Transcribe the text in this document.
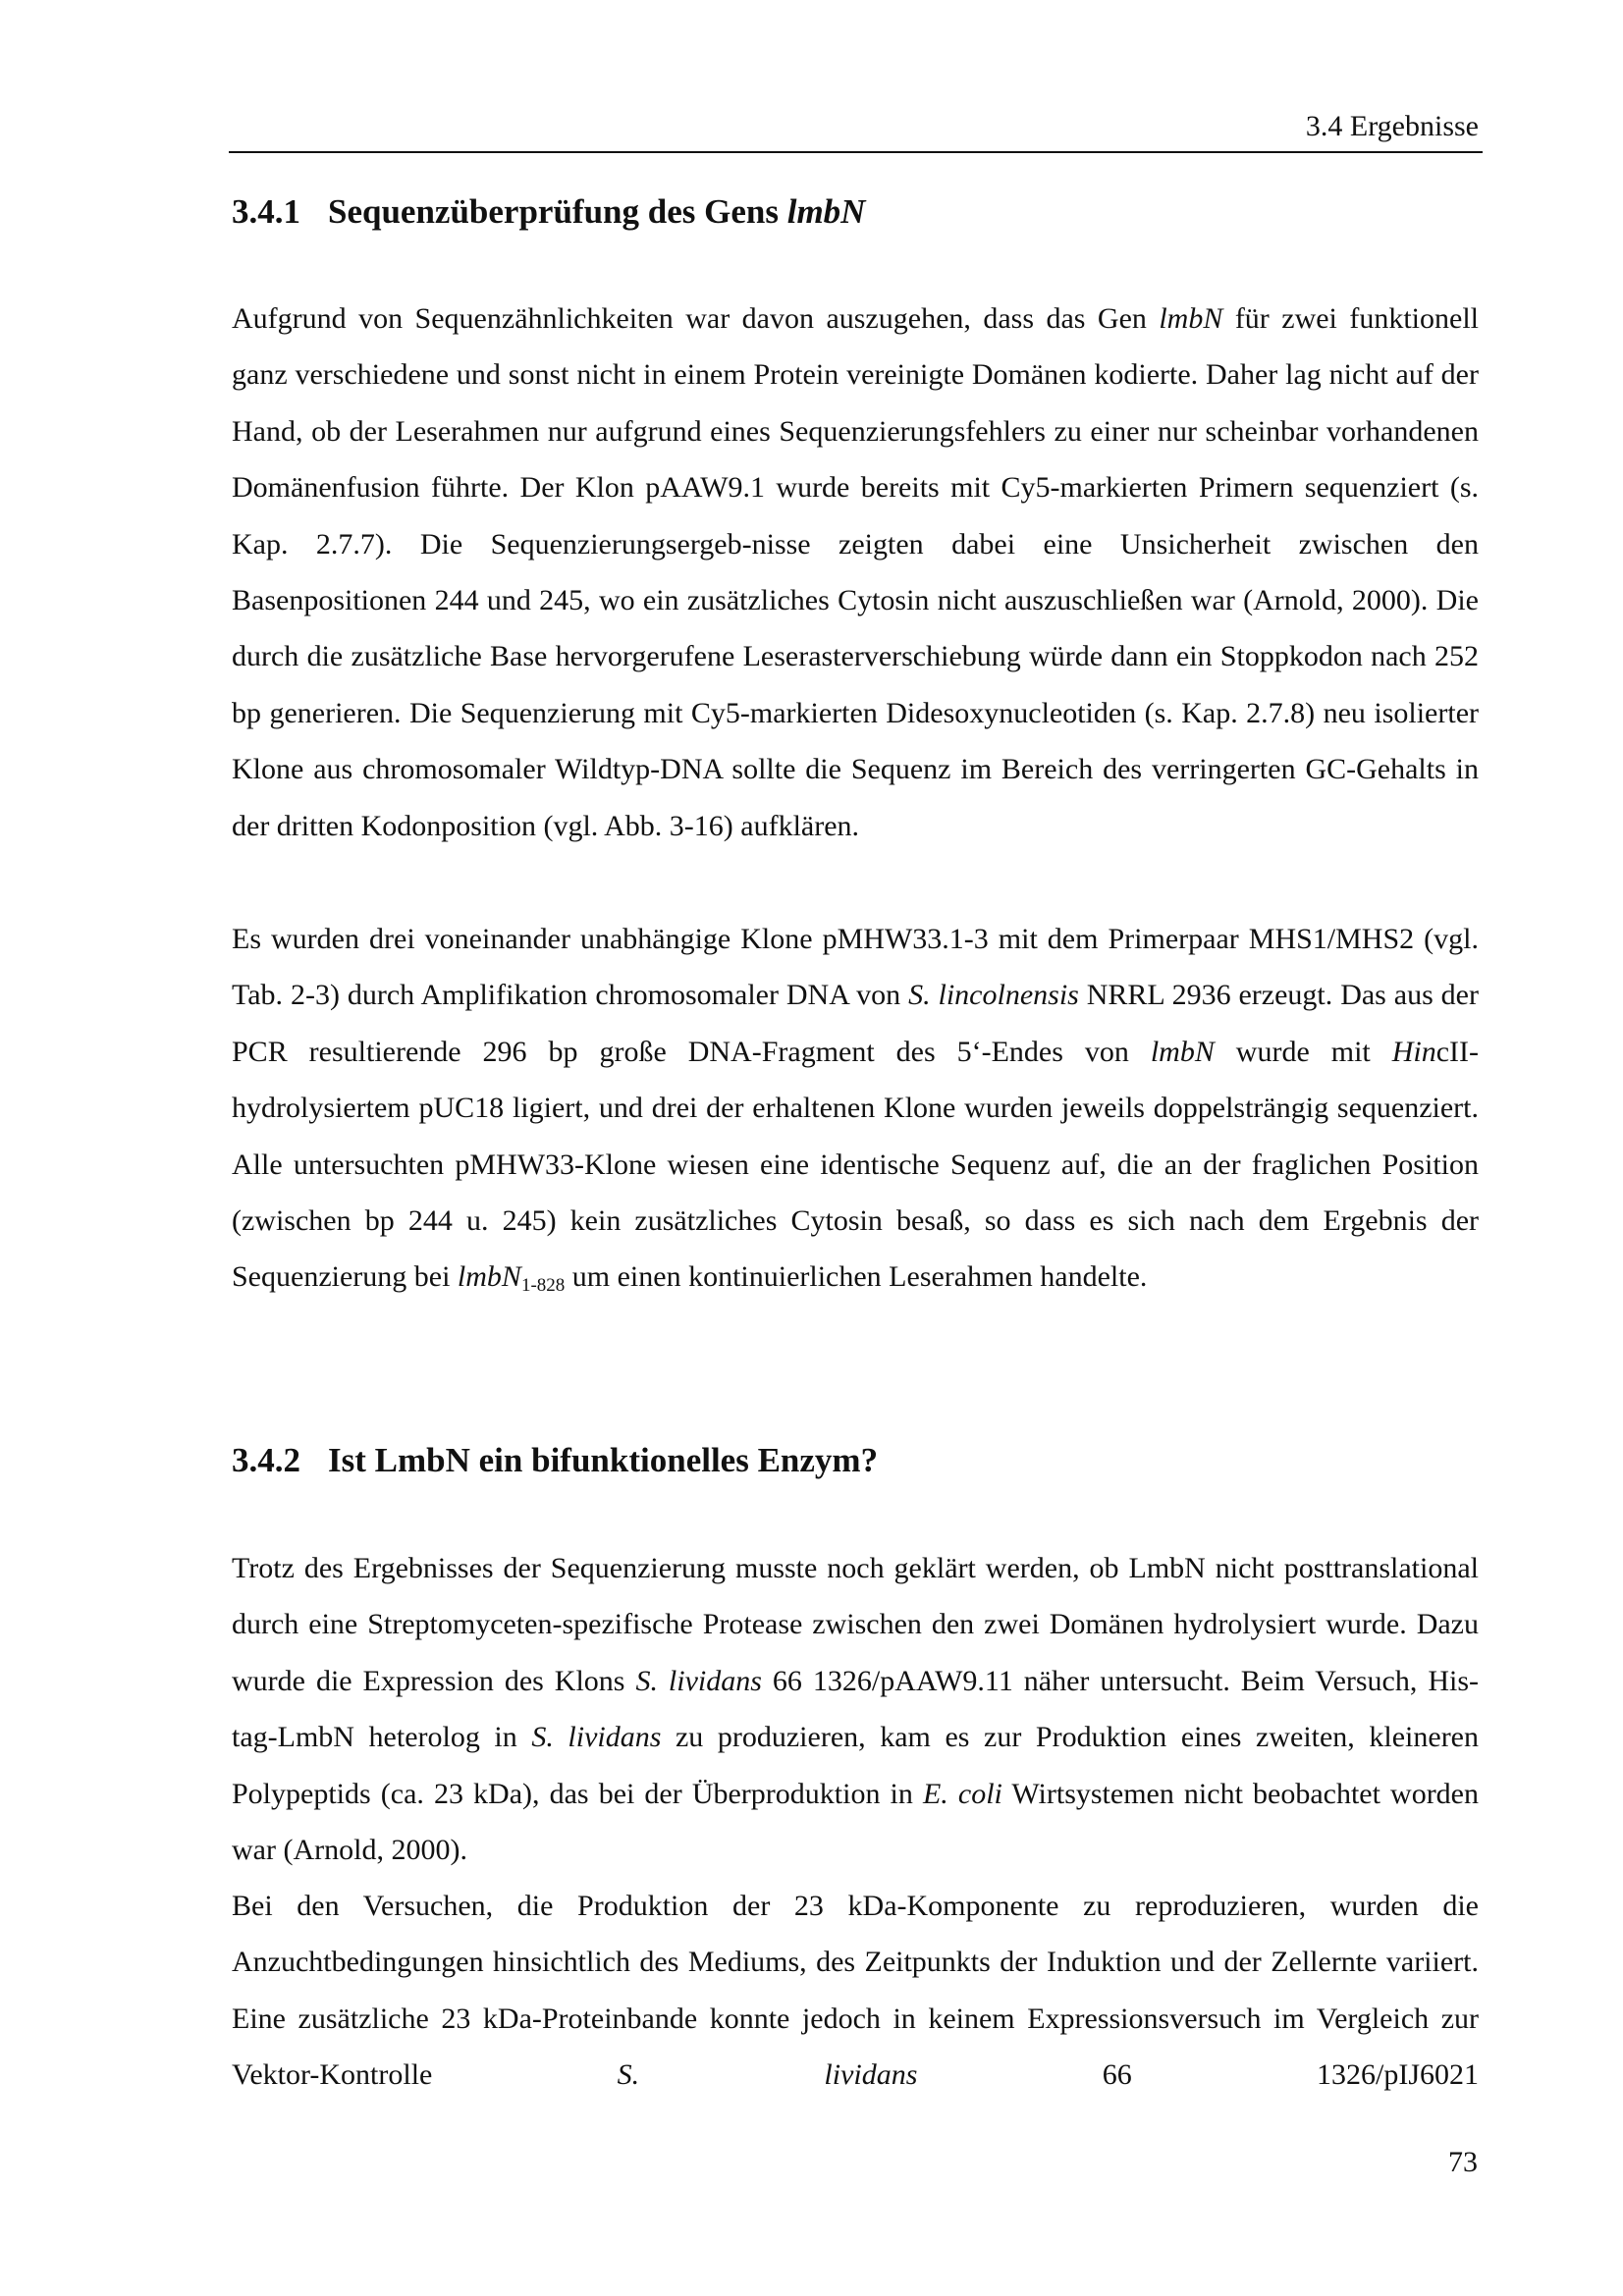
3.4 Ergebnisse
3.4.1 Sequenzüberprüfung des Gens lmbN

Aufgrund von Sequenzähnlichkeiten war davon auszugehen, dass das Gen lmbN für zwei funktionell ganz verschiedene und sonst nicht in einem Protein vereinigte Domänen kodierte. Daher lag nicht auf der Hand, ob der Leserahmen nur aufgrund eines Sequenzierungsfehlers zu einer nur scheinbar vorhandenen Domänenfusion führte. Der Klon pAAW9.1 wurde bereits mit Cy5-markierten Primern sequenziert (s. Kap. 2.7.7). Die Sequenzierungsergeb-nisse zeigten dabei eine Unsicherheit zwischen den Basenpositionen 244 und 245, wo ein zusätzliches Cytosin nicht auszuschließen war (Arnold, 2000). Die durch die zusätzliche Base hervorgerufene Leserasterverschiebung würde dann ein Stoppkodon nach 252 bp generieren. Die Sequenzierung mit Cy5-markierten Didesoxynucleotiden (s. Kap. 2.7.8) neu isolierter Klone aus chromosomaler Wildtyp-DNA sollte die Sequenz im Bereich des verringerten GC-Gehalts in der dritten Kodonposition (vgl. Abb. 3-16) aufklären.

Es wurden drei voneinander unabhängige Klone pMHW33.1-3 mit dem Primerpaar MHS1/MHS2 (vgl. Tab. 2-3) durch Amplifikation chromosomaler DNA von S. lincolnensis NRRL 2936 erzeugt. Das aus der PCR resultierende 296 bp große DNA-Fragment des 5‘-Endes von lmbN wurde mit HincII-hydrolysiertem pUC18 ligiert, und drei der erhaltenen Klone wurden jeweils doppelsträngig sequenziert. Alle untersuchten pMHW33-Klone wiesen eine identische Sequenz auf, die an der fraglichen Position (zwischen bp 244 u. 245) kein zusätzliches Cytosin besaß, so dass es sich nach dem Ergebnis der Sequenzierung bei lmbN$_{1-828}$ um einen kontinuierlichen Leserahmen handelte.

3.4.2 Ist LmbN ein bifunktionelles Enzym?

Trotz des Ergebnisses der Sequenzierung musste noch geklärt werden, ob LmbN nicht posttranslational durch eine Streptomyceten-spezifische Protease zwischen den zwei Domänen hydrolysiert wurde. Dazu wurde die Expression des Klons S. lividans 66 1326/pAAW9.11 näher untersucht. Beim Versuch, His-tag-LmbN heterolog in S. lividans zu produzieren, kam es zur Produktion eines zweiten, kleineren Polypeptids (ca. 23 kDa), das bei der Überproduktion in E. coli Wirtsystemen nicht beobachtet worden war (Arnold, 2000).

Bei den Versuchen, die Produktion der 23 kDa-Komponente zu reproduzieren, wurden die Anzuchtbedingungen hinsichtlich des Mediums, des Zeitpunkts der Induktion und der Zellernte variiert. Eine zusätzliche 23 kDa-Proteinbande konnte jedoch in keinem Expressionsversuch im Vergleich zur Vektor-Kontrolle S. lividans 66 1326/pIJ6021

73
